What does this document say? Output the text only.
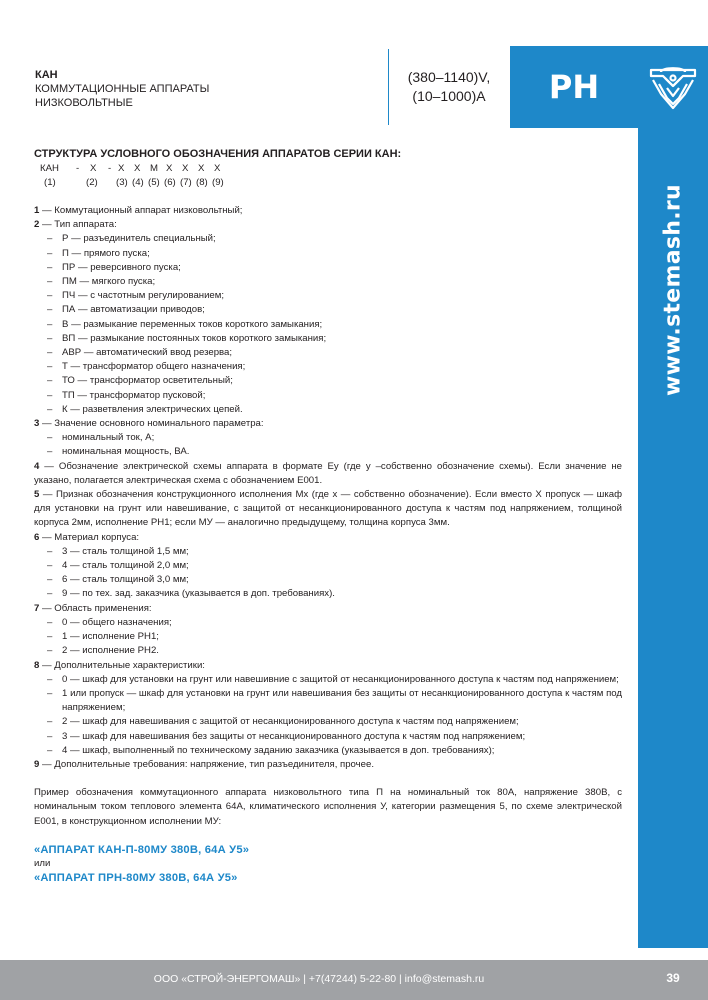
КАН
КОММУТАЦИОННЫЕ АППАРАТЫ
НИЗКОВОЛЬТНЫЕ
(380–1140)V,
(10–1000)A	РН
www.stemash.ru
СТРУКТУРА УСЛОВНОГО ОБОЗНАЧЕНИЯ АППАРАТОВ СЕРИИ КАН:
КАН - Х - Х Х М Х Х Х Х
(1)	(2) (3) (4) (5) (6) (7) (8) (9)
1 — Коммутационный аппарат низковольтный;
2 — Тип аппарата:
– Р — разъединитель специальный;
– П — прямого пуска;
– ПР — реверсивного пуска;
– ПМ — мягкого пуска;
– ПЧ — с частотным регулированием;
– ПА — автоматизации приводов;
– В — размыкание переменных токов короткого замыкания;
– ВП — размыкание постоянных токов короткого замыкания;
– АВР — автоматический ввод резерва;
– Т — трансформатор общего назначения;
– ТО — трансформатор осветительный;
– ТП — трансформатор пусковой;
– К — разветвления электрических цепей.
3 — Значение основного номинального параметра:
– номинальный ток, А;
– номинальная мощность, ВА.
4 — Обозначение электрической схемы аппарата в формате Еу (где у –собственно обозначение схемы). Если значение не указано, полагается электрическая схема с обозначением Е001.
5 — Признак обозначения конструкционного исполнения Мх (где х — собственно обозначение). Если вместо Х пропуск — шкаф для установки на грунт или навешивание, с защитой от несанкционированного доступа к частям под напряжением, толщиной корпуса 2мм, исполнение РН1; если МУ — аналогично предыдущему, толщина корпуса 3мм.
6 — Материал корпуса:
– 3 — сталь толщиной 1,5 мм;
– 4 — сталь толщиной 2,0 мм;
– 6 — сталь толщиной 3,0 мм;
– 9 — по тех. зад. заказчика (указывается в доп. требованиях).
7 — Область применения:
– 0 — общего назначения;
– 1 — исполнение РН1;
– 2 — исполнение РН2.
8 — Дополнительные характеристики:
– 0 — шкаф для установки на грунт или навешивние с защитой от несанкционированного доступа к частям под напряжением;
– 1 или пропуск — шкаф для установки на грунт или навешивания без защиты от несанкционированного доступа к частям под напряжением;
– 2 — шкаф для навешивания с защитой от несанкционированного доступа к частям под напряжением;
– 3 — шкаф для навешивания без защиты от несанкционированного доступа к частям под напряжением;
– 4 — шкаф, выполненный по техническому заданию заказчика (указывается в доп. требованиях);
9 — Дополнительные требования: напряжение, тип разъединителя, прочее.
Пример обозначения коммутационного аппарата низковольтного типа П на номинальный ток 80А, напряжение 380В, с номинальным током теплового элемента 64А, климатического исполнения У, категории размещения 5, по схеме электрической Е001, в конструкционном исполнении МУ:
«АППАРАТ КАН-П-80МУ 380В, 64А У5»
или
«АППАРАТ ПРН-80МУ 380В, 64А У5»
ООО «СТРОЙ-ЭНЕРГОМАШ» | +7(47244) 5-22-80 | info@stemash.ru	39
